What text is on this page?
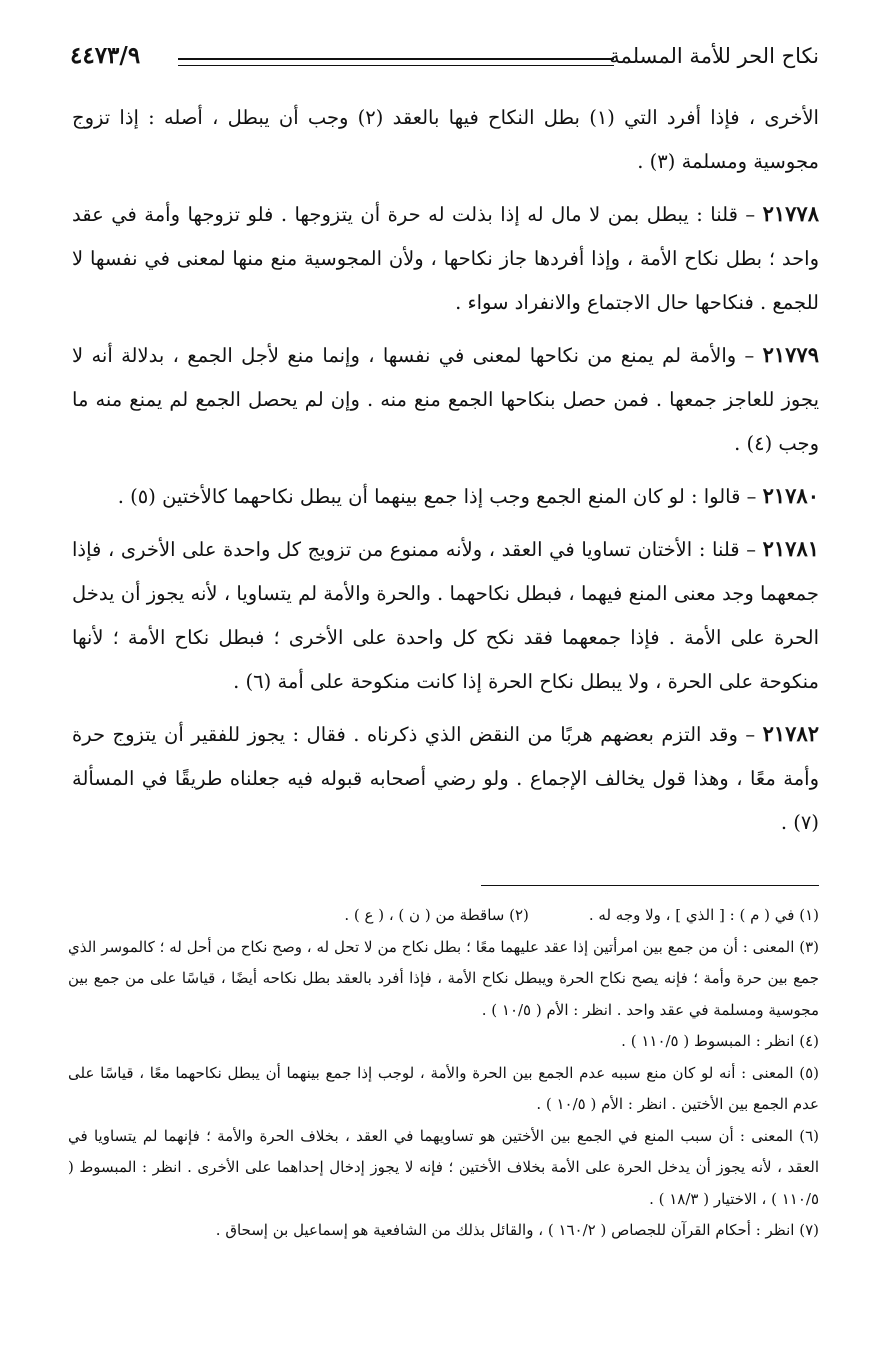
نكاح الحر للأمة المسلمة
٤٤٧٣/٩

الأخرى ، فإذا أفرد التي (١) بطل النكاح فيها بالعقد (٢) وجب أن يبطل ، أصله : إذا تزوج مجوسية ومسلمة (٣) .

٢١٧٧٨ – قلنا : يبطل بمن لا مال له إذا بذلت له حرة أن يتزوجها . فلو تزوجها وأمة في عقد واحد ؛ بطل نكاح الأمة ، وإذا أفردها جاز نكاحها ، ولأن المجوسية منع منها لمعنى في نفسها لا للجمع . فنكاحها حال الاجتماع والانفراد سواء .

٢١٧٧٩ – والأمة لم يمنع من نكاحها لمعنى في نفسها ، وإنما منع لأجل الجمع ، بدلالة أنه لا يجوز للعاجز جمعها . فمن حصل بنكاحها الجمع منع منه . وإن لم يحصل الجمع لم يمنع منه ما وجب (٤) .

٢١٧٨٠ – قالوا : لو كان المنع الجمع وجب إذا جمع بينهما أن يبطل نكاحهما كالأختين (٥) .

٢١٧٨١ – قلنا : الأختان تساويا في العقد ، ولأنه ممنوع من تزويج كل واحدة على الأخرى ، فإذا جمعهما وجد معنى المنع فيهما ، فبطل نكاحهما . والحرة والأمة لم يتساويا ، لأنه يجوز أن يدخل الحرة على الأمة . فإذا جمعهما فقد نكح كل واحدة على الأخرى ؛ فبطل نكاح الأمة ؛ لأنها منكوحة على الحرة ، ولا يبطل نكاح الحرة إذا كانت منكوحة على أمة (٦) .

٢١٧٨٢ – وقد التزم بعضهم هربًا من النقض الذي ذكرناه . فقال : يجوز للفقير أن يتزوج حرة وأمة معًا ، وهذا قول يخالف الإجماع . ولو رضي أصحابه قبوله فيه جعلناه طريقًا في المسألة (٧) .

(١) في ( م ) : [ الذي ] ، ولا وجه له .
(٢) ساقطة من ( ن ) ، ( ع ) .

(٣) المعنى : أن من جمع بين امرأتين إذا عقد عليهما معًا ؛ بطل نكاح من لا تحل له ، وصح نكاح من أحل له ؛ كالموسر الذي جمع بين حرة وأمة ؛ فإنه يصح نكاح الحرة ويبطل نكاح الأمة ، فإذا أفرد بالعقد بطل نكاحه أيضًا ، قياسًا على من جمع بين مجوسية ومسلمة في عقد واحد . انظر : الأم ( ١٠/٥ ) .

(٤) انظر : المبسوط ( ١١٠/٥ ) .

(٥) المعنى : أنه لو كان منع سببه عدم الجمع بين الحرة والأمة ، لوجب إذا جمع بينهما أن يبطل نكاحهما معًا ، قياسًا على عدم الجمع بين الأختين . انظر : الأم ( ١٠/٥ ) .

(٦) المعنى : أن سبب المنع في الجمع بين الأختين هو تساويهما في العقد ، بخلاف الحرة والأمة ؛ فإنهما لم يتساويا في العقد ، لأنه يجوز أن يدخل الحرة على الأمة بخلاف الأختين ؛ فإنه لا يجوز إدخال إحداهما على الأخرى . انظر : المبسوط ( ١١٠/٥ ) ، الاختيار ( ١٨/٣ ) .

(٧) انظر : أحكام القرآن للجصاص ( ١٦٠/٢ ) ، والقائل بذلك من الشافعية هو إسماعيل بن إسحاق .
